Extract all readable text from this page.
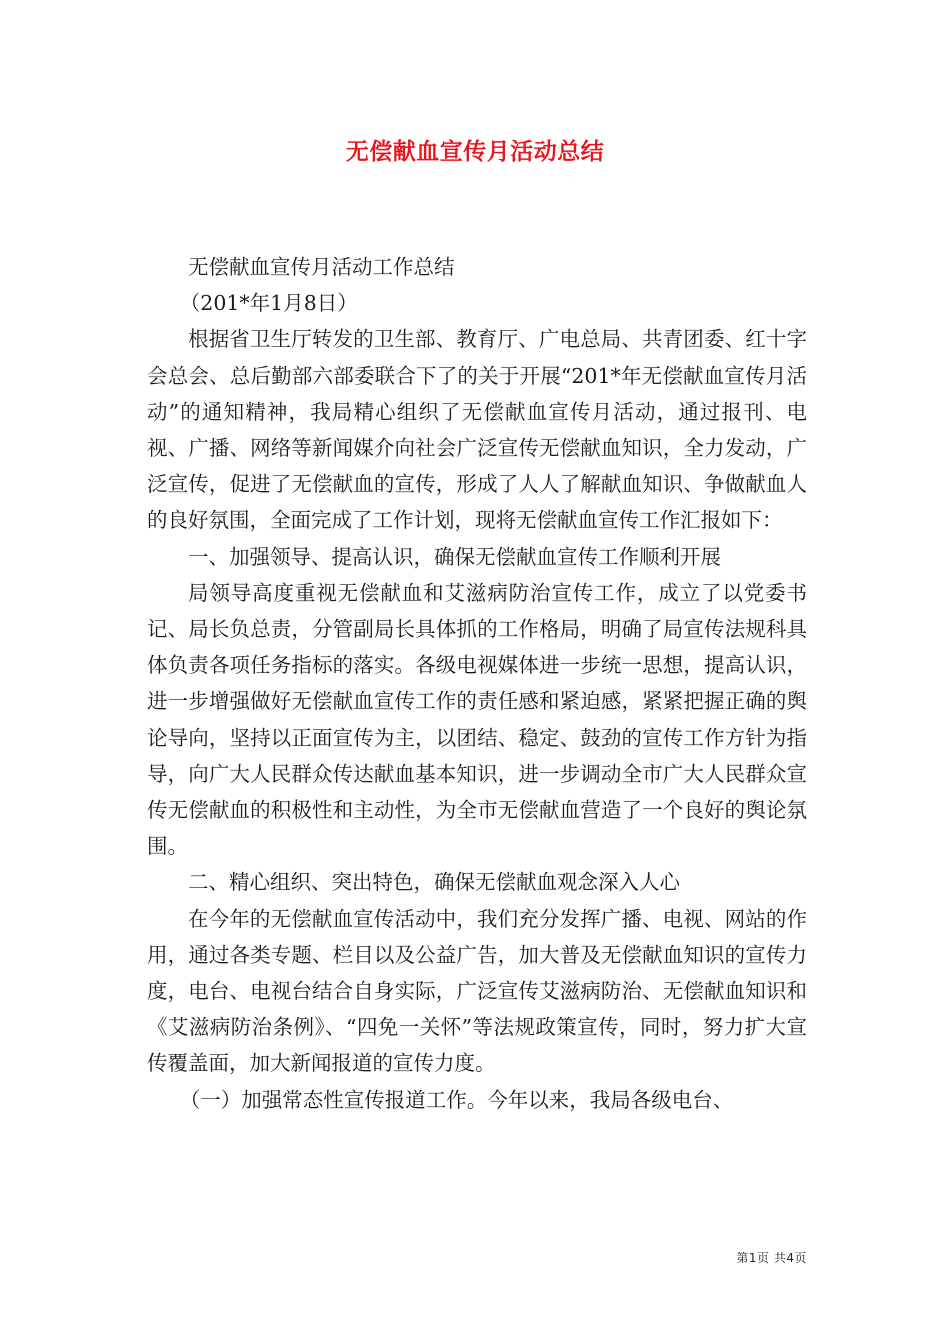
无偿献血宣传月活动总结

无偿献血宣传月活动工作总结

（201*年1月8日）

根据省卫生厅转发的卫生部、教育厅、广电总局、共青团委、红十字会总会、总后勤部六部委联合下了的关于开展“201*年无偿献血宣传月活动”的通知精神，我局精心组织了无偿献血宣传月活动，通过报刊、电视、广播、网络等新闻媒介向社会广泛宣传无偿献血知识，全力发动，广泛宣传，促进了无偿献血的宣传，形成了人人了解献血知识、争做献血人的良好氛围，全面完成了工作计划，现将无偿献血宣传工作汇报如下：

一、加强领导、提高认识，确保无偿献血宣传工作顺利开展

局领导高度重视无偿献血和艾滋病防治宣传工作，成立了以党委书记、局长负总责，分管副局长具体抓的工作格局，明确了局宣传法规科具体负责各项任务指标的落实。各级电视媒体进一步统一思想，提高认识，进一步增强做好无偿献血宣传工作的责任感和紧迫感，紧紧把握正确的舆论导向，坚持以正面宣传为主，以团结、稳定、鼓劲的宣传工作方针为指导，向广大人民群众传达献血基本知识，进一步调动全市广大人民群众宣传无偿献血的积极性和主动性，为全市无偿献血营造了一个良好的舆论氛围。

二、精心组织、突出特色，确保无偿献血观念深入人心

在今年的无偿献血宣传活动中，我们充分发挥广播、电视、网站的作用，通过各类专题、栏目以及公益广告，加大普及无偿献血知识的宣传力度，电台、电视台结合自身实际，广泛宣传艾滋病防治、无偿献血知识和《艾滋病防治条例》、“四免一关怀”等法规政策宣传，同时，努力扩大宣传覆盖面，加大新闻报道的宣传力度。

（一）加强常态性宣传报道工作。今年以来，我局各级电台、

第1页 共4页
